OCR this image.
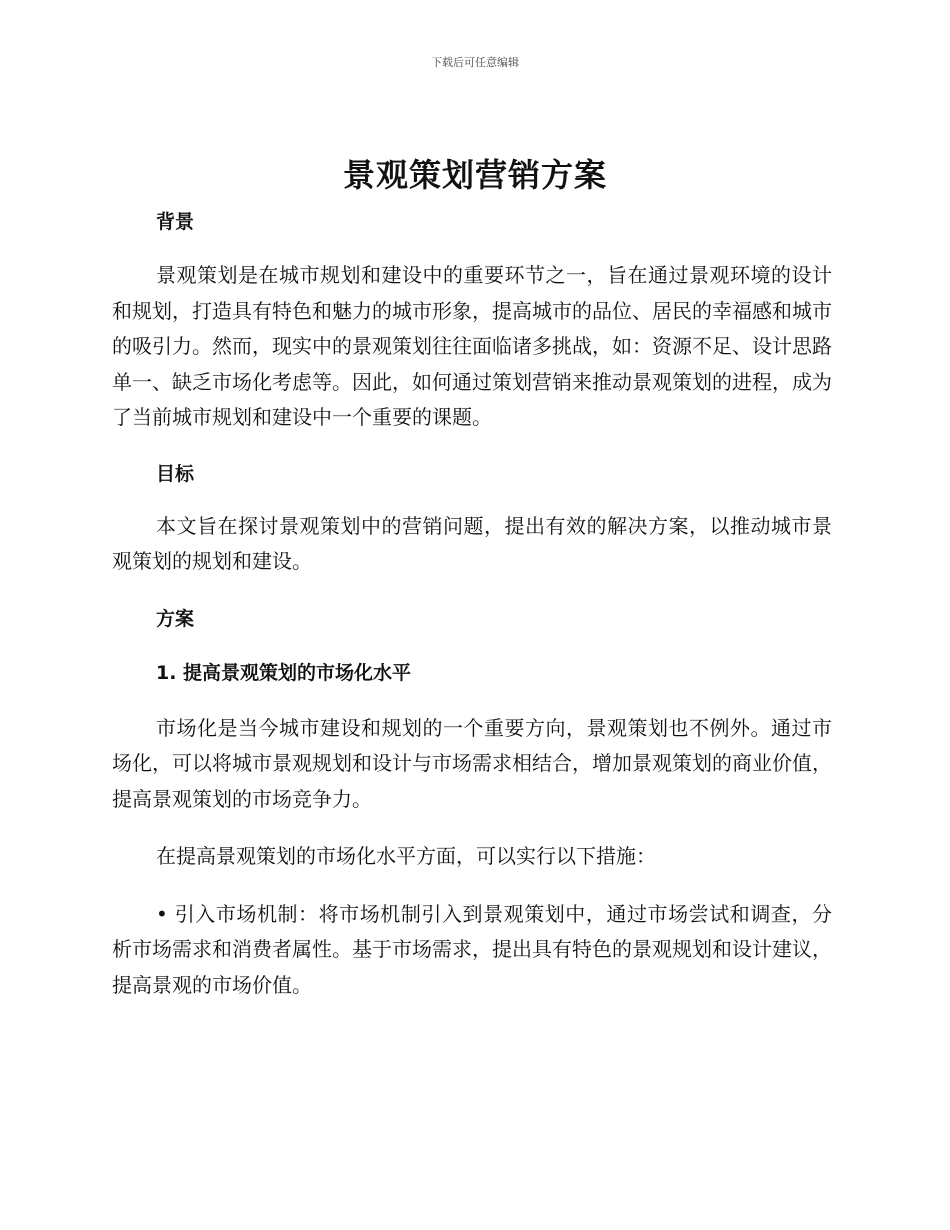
下载后可任意编辑
景观策划营销方案
背景

景观策划是在城市规划和建设中的重要环节之一，旨在通过景观环境的设计和规划，打造具有特色和魅力的城市形象，提高城市的品位、居民的幸福感和城市的吸引力。然而，现实中的景观策划往往面临诸多挑战，如：资源不足、设计思路单一、缺乏市场化考虑等。因此，如何通过策划营销来推动景观策划的进程，成为了当前城市规划和建设中一个重要的课题。

目标

本文旨在探讨景观策划中的营销问题，提出有效的解决方案，以推动城市景观策划的规划和建设。

方案
1. 提高景观策划的市场化水平

市场化是当今城市建设和规划的一个重要方向，景观策划也不例外。通过市场化，可以将城市景观规划和设计与市场需求相结合，增加景观策划的商业价值，提高景观策划的市场竞争力。

在提高景观策划的市场化水平方面，可以实行以下措施：

• 引入市场机制：将市场机制引入到景观策划中，通过市场尝试和调查，分析市场需求和消费者属性。基于市场需求，提出具有特色的景观规划和设计建议，提高景观的市场价值。
